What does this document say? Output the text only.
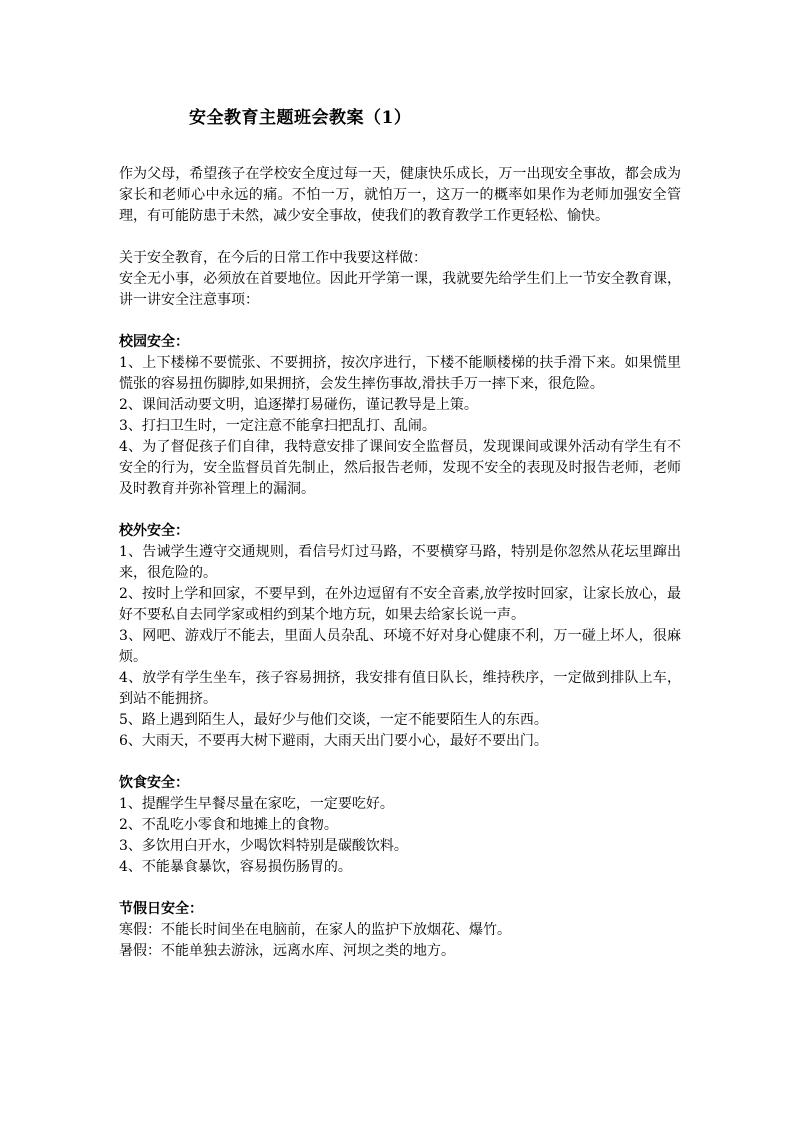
安全教育主题班会教案（1）

作为父母，希望孩子在学校安全度过每一天，健康快乐成长，万一出现安全事故，都会成为家长和老师心中永远的痛。不怕一万，就怕万一，这万一的概率如果作为老师加强安全管理，有可能防患于未然，减少安全事故，使我们的教育教学工作更轻松、愉快。

关于安全教育，在今后的日常工作中我要这样做：

安全无小事，必须放在首要地位。因此开学第一课，我就要先给学生们上一节安全教育课，讲一讲安全注意事项：

校园安全：

1、上下楼梯不要慌张、不要拥挤，按次序进行，下楼不能顺楼梯的扶手滑下来。如果慌里慌张的容易扭伤脚脖,如果拥挤，会发生摔伤事故,滑扶手万一摔下来，很危险。

2、课间活动要文明，追逐撵打易碰伤，谨记教导是上策。

3、打扫卫生时，一定注意不能拿扫把乱打、乱闹。

4、为了督促孩子们自律，我特意安排了课间安全监督员，发现课间或课外活动有学生有不安全的行为，安全监督员首先制止，然后报告老师，发现不安全的表现及时报告老师，老师及时教育并弥补管理上的漏洞。

校外安全：

1、告诫学生遵守交通规则，看信号灯过马路，不要横穿马路，特别是你忽然从花坛里蹿出来，很危险的。

2、按时上学和回家，不要早到，在外边逗留有不安全音素,放学按时回家，让家长放心，最好不要私自去同学家或相约到某个地方玩，如果去给家长说一声。

3、网吧、游戏厅不能去，里面人员杂乱、环境不好对身心健康不利，万一碰上坏人，很麻烦。

4、放学有学生坐车，孩子容易拥挤，我安排有值日队长，维持秩序，一定做到排队上车，到站不能拥挤。

5、路上遇到陌生人，最好少与他们交谈，一定不能要陌生人的东西。

6、大雨天，不要再大树下避雨，大雨天出门要小心，最好不要出门。

饮食安全：

1、提醒学生早餐尽量在家吃，一定要吃好。

2、不乱吃小零食和地摊上的食物。

3、多饮用白开水，少喝饮料特别是碳酸饮料。

4、不能暴食暴饮，容易损伤肠胃的。

节假日安全：

寒假：不能长时间坐在电脑前，在家人的监护下放烟花、爆竹。

暑假：不能单独去游泳，远离水库、河坝之类的地方。
